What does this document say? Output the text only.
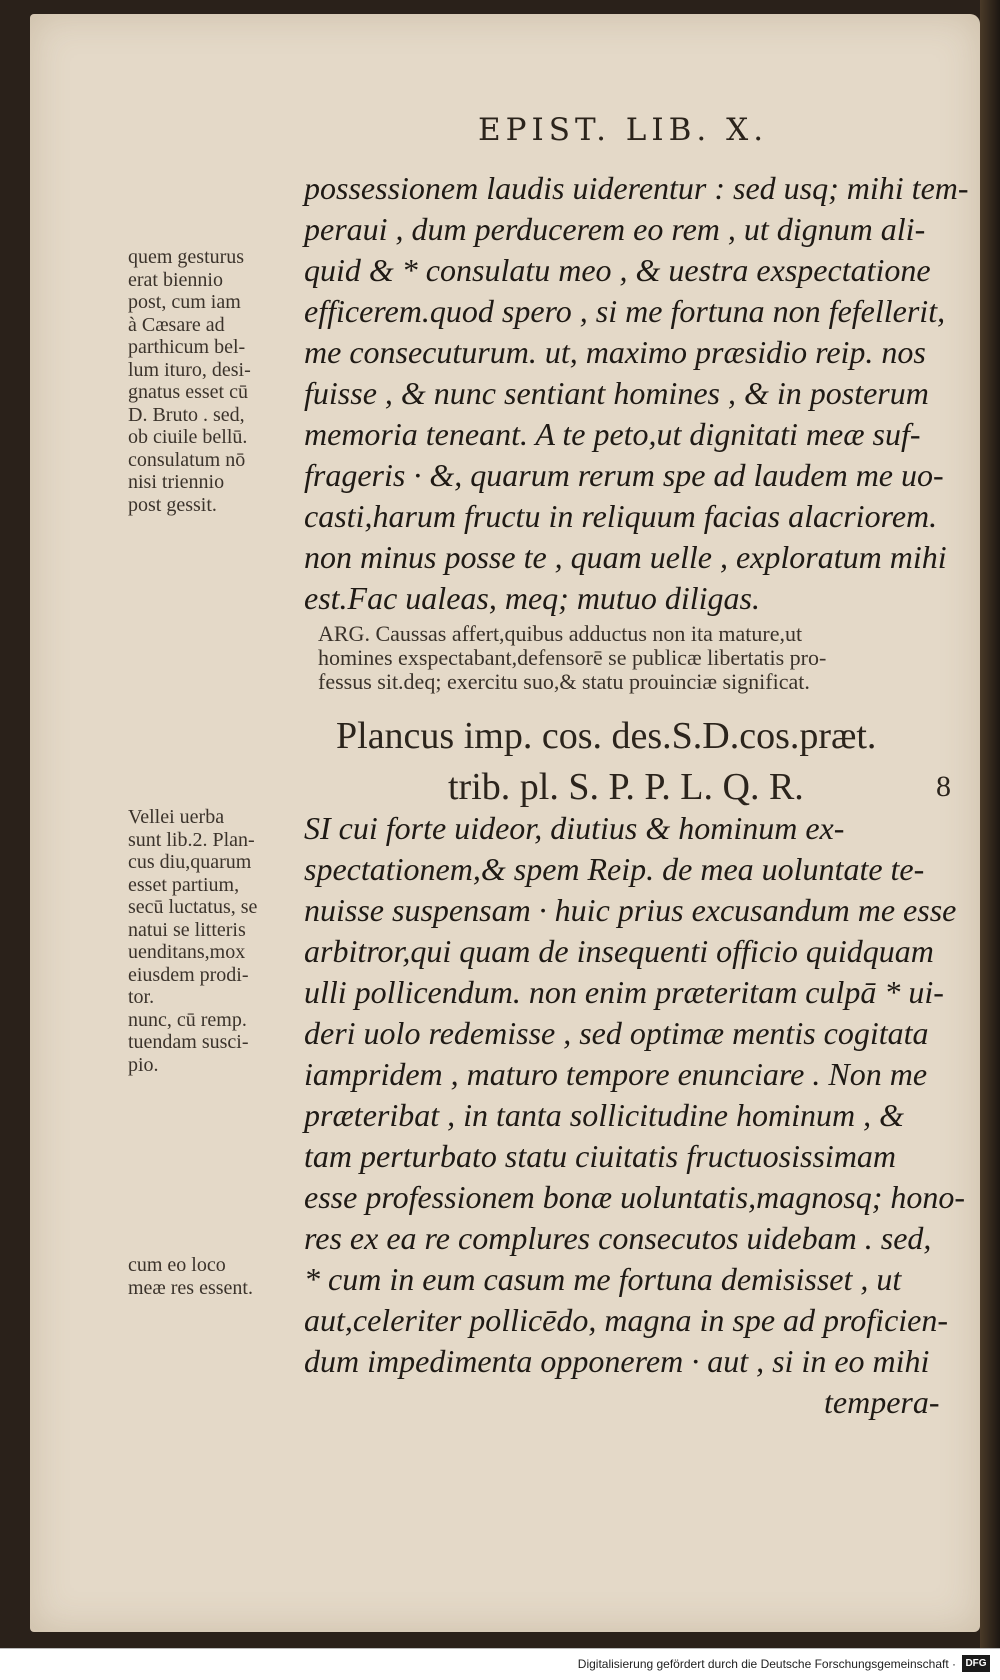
EPIST. LIB. X.
possessionem laudis uiderentur : sed usq; mihi tem-
peraui , dum perducerem eo rem , ut dignum ali-
quid & * consulatu meo , & uestra exspectatione
efficerem.quod spero , si me fortuna non fefellerit,
me consecuturum. ut, maximo præsidio reip. nos
fuisse , & nunc sentiant homines , & in posterum
memoria teneant. A te peto,ut dignitati meæ suf-
frageris · &, quarum rerum spe ad laudem me uo-
casti,harum fructu in reliquum facias alacriorem.
non minus posse te , quam uelle , exploratum mihi
est.Fac ualeas, meq; mutuo diligas.
ARG. Caussas affert,quibus adductus non ita mature,ut
homines exspectabant,defensorē se publicæ libertatis pro-
fessus sit.deq; exercitu suo,& statu prouinciæ significat.
Plancus imp. cos. des.S.D.cos.præt.
trib. pl. S. P. P. L. Q. R.	8
SI cui forte uideor, diutius & hominum ex-
spectationem,& spem Reip. de mea uoluntate te-
nuisse suspensam · huic prius excusandum me esse
arbitror,qui quam de insequenti officio quidquam
ulli pollicendum. non enim præteritam culpā * ui-
deri uolo redemisse , sed optimæ mentis cogitata
iampridem , maturo tempore enunciare . Non me
præteribat , in tanta sollicitudine hominum , &
tam perturbato statu ciuitatis fructuosissimam
esse professionem bonæ uoluntatis,magnosq; hono-
res ex ea re complures consecutos uidebam . sed,
* cum in eum casum me fortuna demisisset , ut
aut,celeriter pollicēdo, magna in spe ad proficien-
dum impedimenta opponerem · aut , si in eo mihi
tempera-
quem gesturus
erat biennio
post, cum iam
à Cæsare ad
parthicum bel-
lum ituro, desi-
gnatus esset cū
D. Bruto . sed,
ob ciuile bellū.
consulatum nō
nisi triennio
post gessit.
Vellei uerba
sunt lib.2. Plan-
cus diu,quarum
esset partium,
secū luctatus, se
natui se litteris
uenditans,mox
eiusdem prodi-
tor.
nunc, cū remp.
tuendam susci-
pio.
cum eo loco
meæ res essent.
Digitalisierung gefördert durch die Deutsche Forschungsgemeinschaft · DFG
